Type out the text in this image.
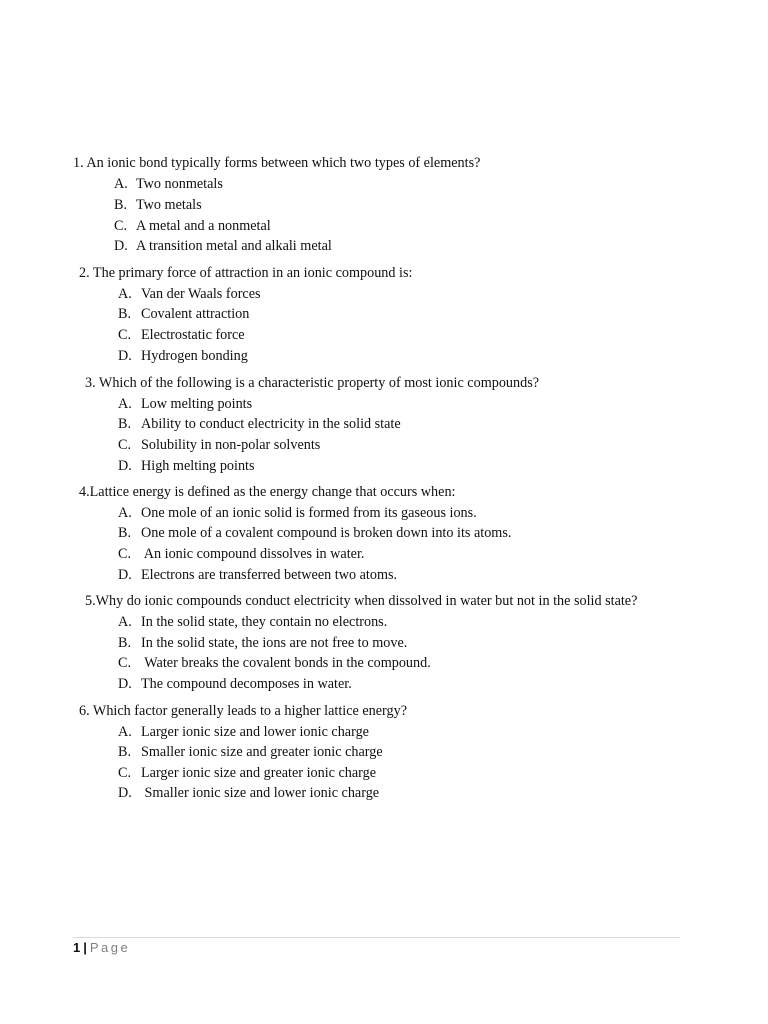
1. An ionic bond typically forms between which two types of elements?
A. Two nonmetals
B. Two metals
C. A metal and a nonmetal
D. A transition metal and alkali metal
2. The primary force of attraction in an ionic compound is:
A. Van der Waals forces
B. Covalent attraction
C. Electrostatic force
D. Hydrogen bonding
3. Which of the following is a characteristic property of most ionic compounds?
A. Low melting points
B. Ability to conduct electricity in the solid state
C. Solubility in non-polar solvents
D. High melting points
4.Lattice energy is defined as the energy change that occurs when:
A. One mole of an ionic solid is formed from its gaseous ions.
B. One mole of a covalent compound is broken down into its atoms.
C. An ionic compound dissolves in water.
D. Electrons are transferred between two atoms.
5.Why do ionic compounds conduct electricity when dissolved in water but not in the solid state?
A. In the solid state, they contain no electrons.
B. In the solid state, the ions are not free to move.
C. Water breaks the covalent bonds in the compound.
D. The compound decomposes in water.
6. Which factor generally leads to a higher lattice energy?
A. Larger ionic size and lower ionic charge
B. Smaller ionic size and greater ionic charge
C. Larger ionic size and greater ionic charge
D. Smaller ionic size and lower ionic charge
1 | Page
